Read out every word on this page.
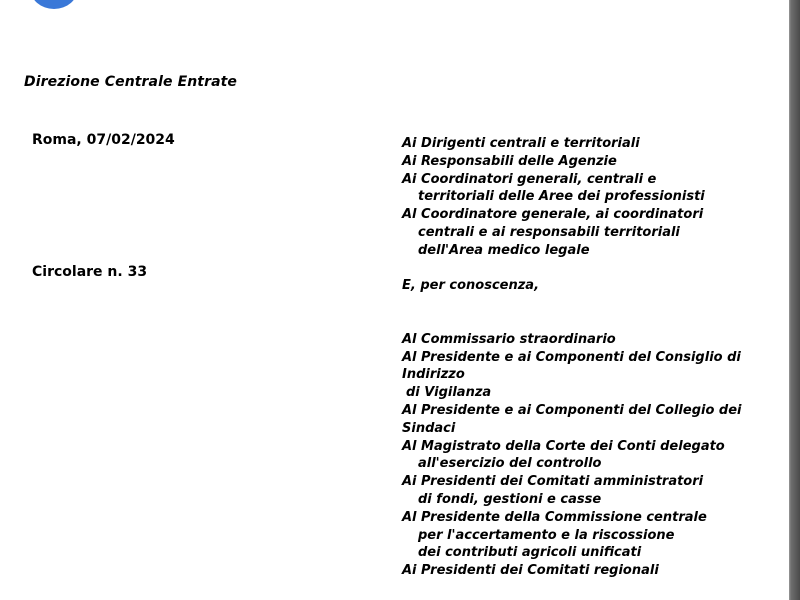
Direzione Centrale Entrate
Roma, 07/02/2024
Circolare n. 33
Ai Dirigenti centrali e territoriali
Ai Responsabili delle Agenzie
Ai Coordinatori generali, centrali e
territoriali delle Aree dei professionisti
Al Coordinatore generale, ai coordinatori
centrali e ai responsabili territoriali
dell'Area medico legale
E, per conoscenza,
Al Commissario straordinario
Al Presidente e ai Componenti del Consiglio di
Indirizzo
di Vigilanza
Al Presidente e ai Componenti del Collegio dei
Sindaci
Al Magistrato della Corte dei Conti delegato
all'esercizio del controllo
Ai Presidenti dei Comitati amministratori
di fondi, gestioni e casse
Al Presidente della Commissione centrale
per l'accertamento e la riscossione
dei contributi agricoli unificati
Ai Presidenti dei Comitati regionali
